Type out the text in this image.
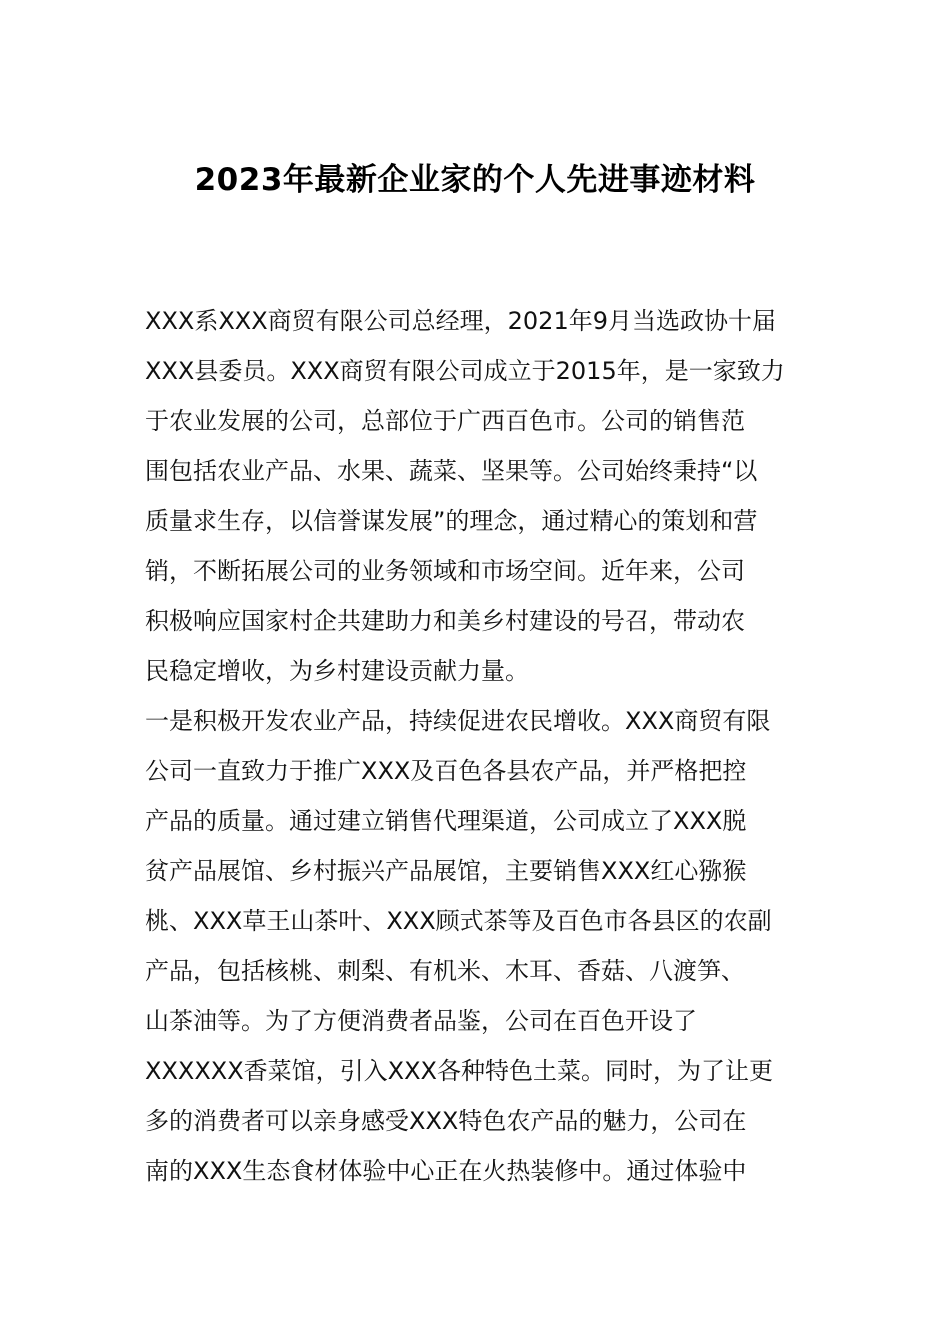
2023年最新企业家的个人先进事迹材料
XXX系XXX商贸有限公司总经理，2021年9月当选政协十届
XXX县委员。XXX商贸有限公司成立于2015年，是一家致力
于农业发展的公司，总部位于广西百色市。公司的销售范
围包括农业产品、水果、蔬菜、坚果等。公司始终秉持“以
质量求生存，以信誉谋发展”的理念，通过精心的策划和营
销，不断拓展公司的业务领域和市场空间。近年来，公司
积极响应国家村企共建助力和美乡村建设的号召，带动农
民稳定增收，为乡村建设贡献力量。
一是积极开发农业产品，持续促进农民增收。XXX商贸有限
公司一直致力于推广XXX及百色各县农产品，并严格把控
产品的质量。通过建立销售代理渠道，公司成立了XXX脱
贫产品展馆、乡村振兴产品展馆，主要销售XXX红心猕猴
桃、XXX草王山茶叶、XXX顾式茶等及百色市各县区的农副
产品，包括核桃、刺梨、有机米、木耳、香菇、八渡笋、
山茶油等。为了方便消费者品鉴，公司在百色开设了
XXXXXX香菜馆，引入XXX各种特色土菜。同时，为了让更
多的消费者可以亲身感受XXX特色农产品的魅力，公司在
南的XXX生态食材体验中心正在火热装修中。通过体验中
